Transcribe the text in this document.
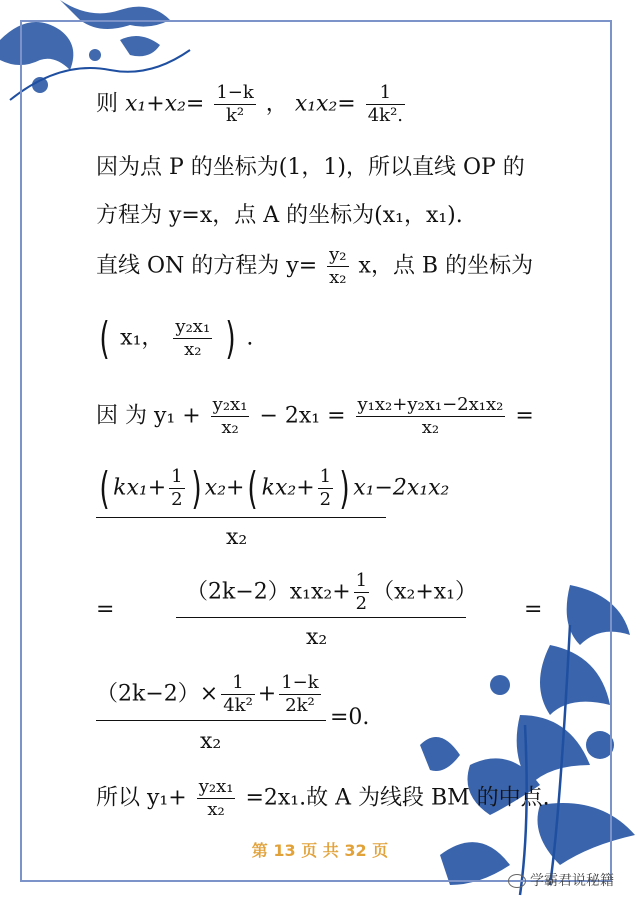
则 $x_1+x_2= \frac{1-k}{\text{k²}}$ ， $x_1x_2= \frac{1}{\text{4k².}}$
因为点 P 的坐标为(1，1)，所以直线 OP 的
方程为 y=x，点 A 的坐标为(x₁，x₁).
直线 ON 的方程为 $y= \frac{\text{y₂}}{\text{x₂}}$ x，点 B 的坐标为
( x₁， $\frac{\text{y₂x₁}}{\text{x₂}}$ ) .
因 为 $y_1 + \frac{\text{y₂x₁}}{\text{x₂}} - 2x_1 = \frac{\text{y₁x₂+y₂x₁−2x₁x₂}}{\text{x₂}}$ =
( $kx_1+ \frac{1}{2}$ ) x₂+( $kx_2+ \frac{1}{2}$ ) x₁−2x₁x₂
x₂
=
$(2k-2)x_1x_2+ \frac{1}{2} (x_2+x_1)$
x₂
=
$(2k-2)\times \frac{1}{\text{4k²}} + \frac{1-k}{\text{2k²}}$
=0.
x₂
所以 $y_1+ \frac{\text{y₂x₁}}{\text{x₂}} =2x_1$.故 A 为线段 BM 的中点.
第 13 页 共 32 页
学霸君说秘籍
